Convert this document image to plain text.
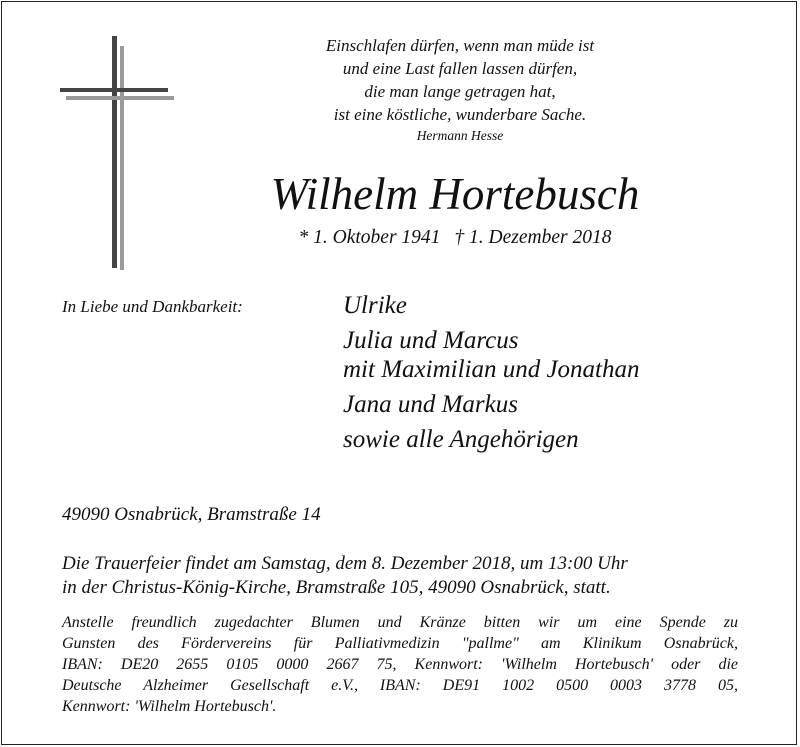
Einschlafen dürfen, wenn man müde ist
und eine Last fallen lassen dürfen,
die man lange getragen hat,
ist eine köstliche, wunderbare Sache.
Hermann Hesse
Wilhelm Hortebusch
* 1. Oktober 1941 † 1. Dezember 2018
In Liebe und Dankbarkeit:	Ulrike
Julia und Marcus
mit Maximilian und Jonathan
Jana und Markus
sowie alle Angehörigen
49090 Osnabrück, Bramstraße 14
Die Trauerfeier findet am Samstag, dem 8. Dezember 2018, um 13:00 Uhr
in der Christus-König-Kirche, Bramstraße 105, 49090 Osnabrück, statt.
Anstelle freundlich zugedachter Blumen und Kränze bitten wir um eine Spende zu
Gunsten des Fördervereins für Palliativmedizin "pallme" am Klinikum Osnabrück,
IBAN: DE20 2655 0105 0000 2667 75, Kennwort: 'Wilhelm Hortebusch' oder die
Deutsche Alzheimer Gesellschaft e.V., IBAN: DE91 1002 0500 0003 3778 05,
Kennwort: 'Wilhelm Hortebusch'.
